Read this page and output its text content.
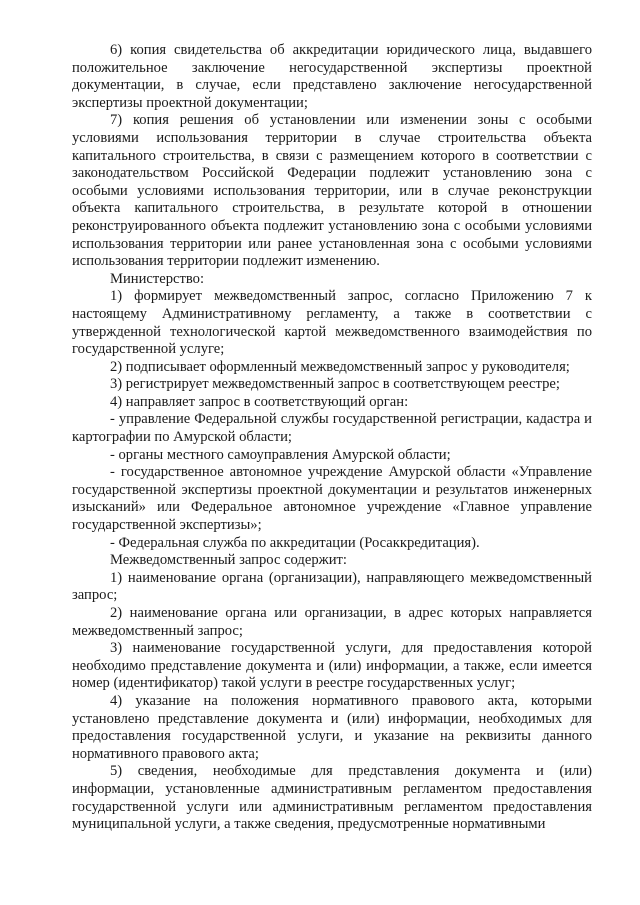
6) копия свидетельства об аккредитации юридического лица, выдавшего положительное заключение негосударственной экспертизы проектной документации, в случае, если представлено заключение негосударственной экспертизы проектной документации;

7) копия решения об установлении или изменении зоны с особыми условиями использования территории в случае строительства объекта капитального строительства, в связи с размещением которого в соответствии с законодательством Российской Федерации подлежит установлению зона с особыми условиями использования территории, или в случае реконструкции объекта капитального строительства, в результате которой в отношении реконструированного объекта подлежит установлению зона с особыми условиями использования территории или ранее установленная зона с особыми условиями использования территории подлежит изменению.

Министерство:

1) формирует межведомственный запрос, согласно Приложению 7 к настоящему Административному регламенту, а также в соответствии с утвержденной технологической картой межведомственного взаимодействия по государственной услуге;

2) подписывает оформленный межведомственный запрос у руководителя;

3) регистрирует межведомственный запрос в соответствующем реестре;

4) направляет запрос в соответствующий орган:

- управление Федеральной службы государственной регистрации, кадастра и картографии по Амурской области;

- органы местного самоуправления Амурской области;

- государственное автономное учреждение Амурской области «Управление государственной экспертизы проектной документации и результатов инженерных изысканий» или Федеральное автономное учреждение «Главное управление государственной экспертизы»;

- Федеральная служба по аккредитации (Росаккредитация).

Межведомственный запрос содержит:

1) наименование органа (организации), направляющего межведомственный запрос;

2) наименование органа или организации, в адрес которых направляется межведомственный запрос;

3) наименование государственной услуги, для предоставления которой необходимо представление документа и (или) информации, а также, если имеется номер (идентификатор) такой услуги в реестре государственных услуг;

4) указание на положения нормативного правового акта, которыми установлено представление документа и (или) информации, необходимых для предоставления государственной услуги, и указание на реквизиты данного нормативного правового акта;

5) сведения, необходимые для представления документа и (или) информации, установленные административным регламентом предоставления государственной услуги или административным регламентом предоставления муниципальной услуги, а также сведения, предусмотренные нормативными
